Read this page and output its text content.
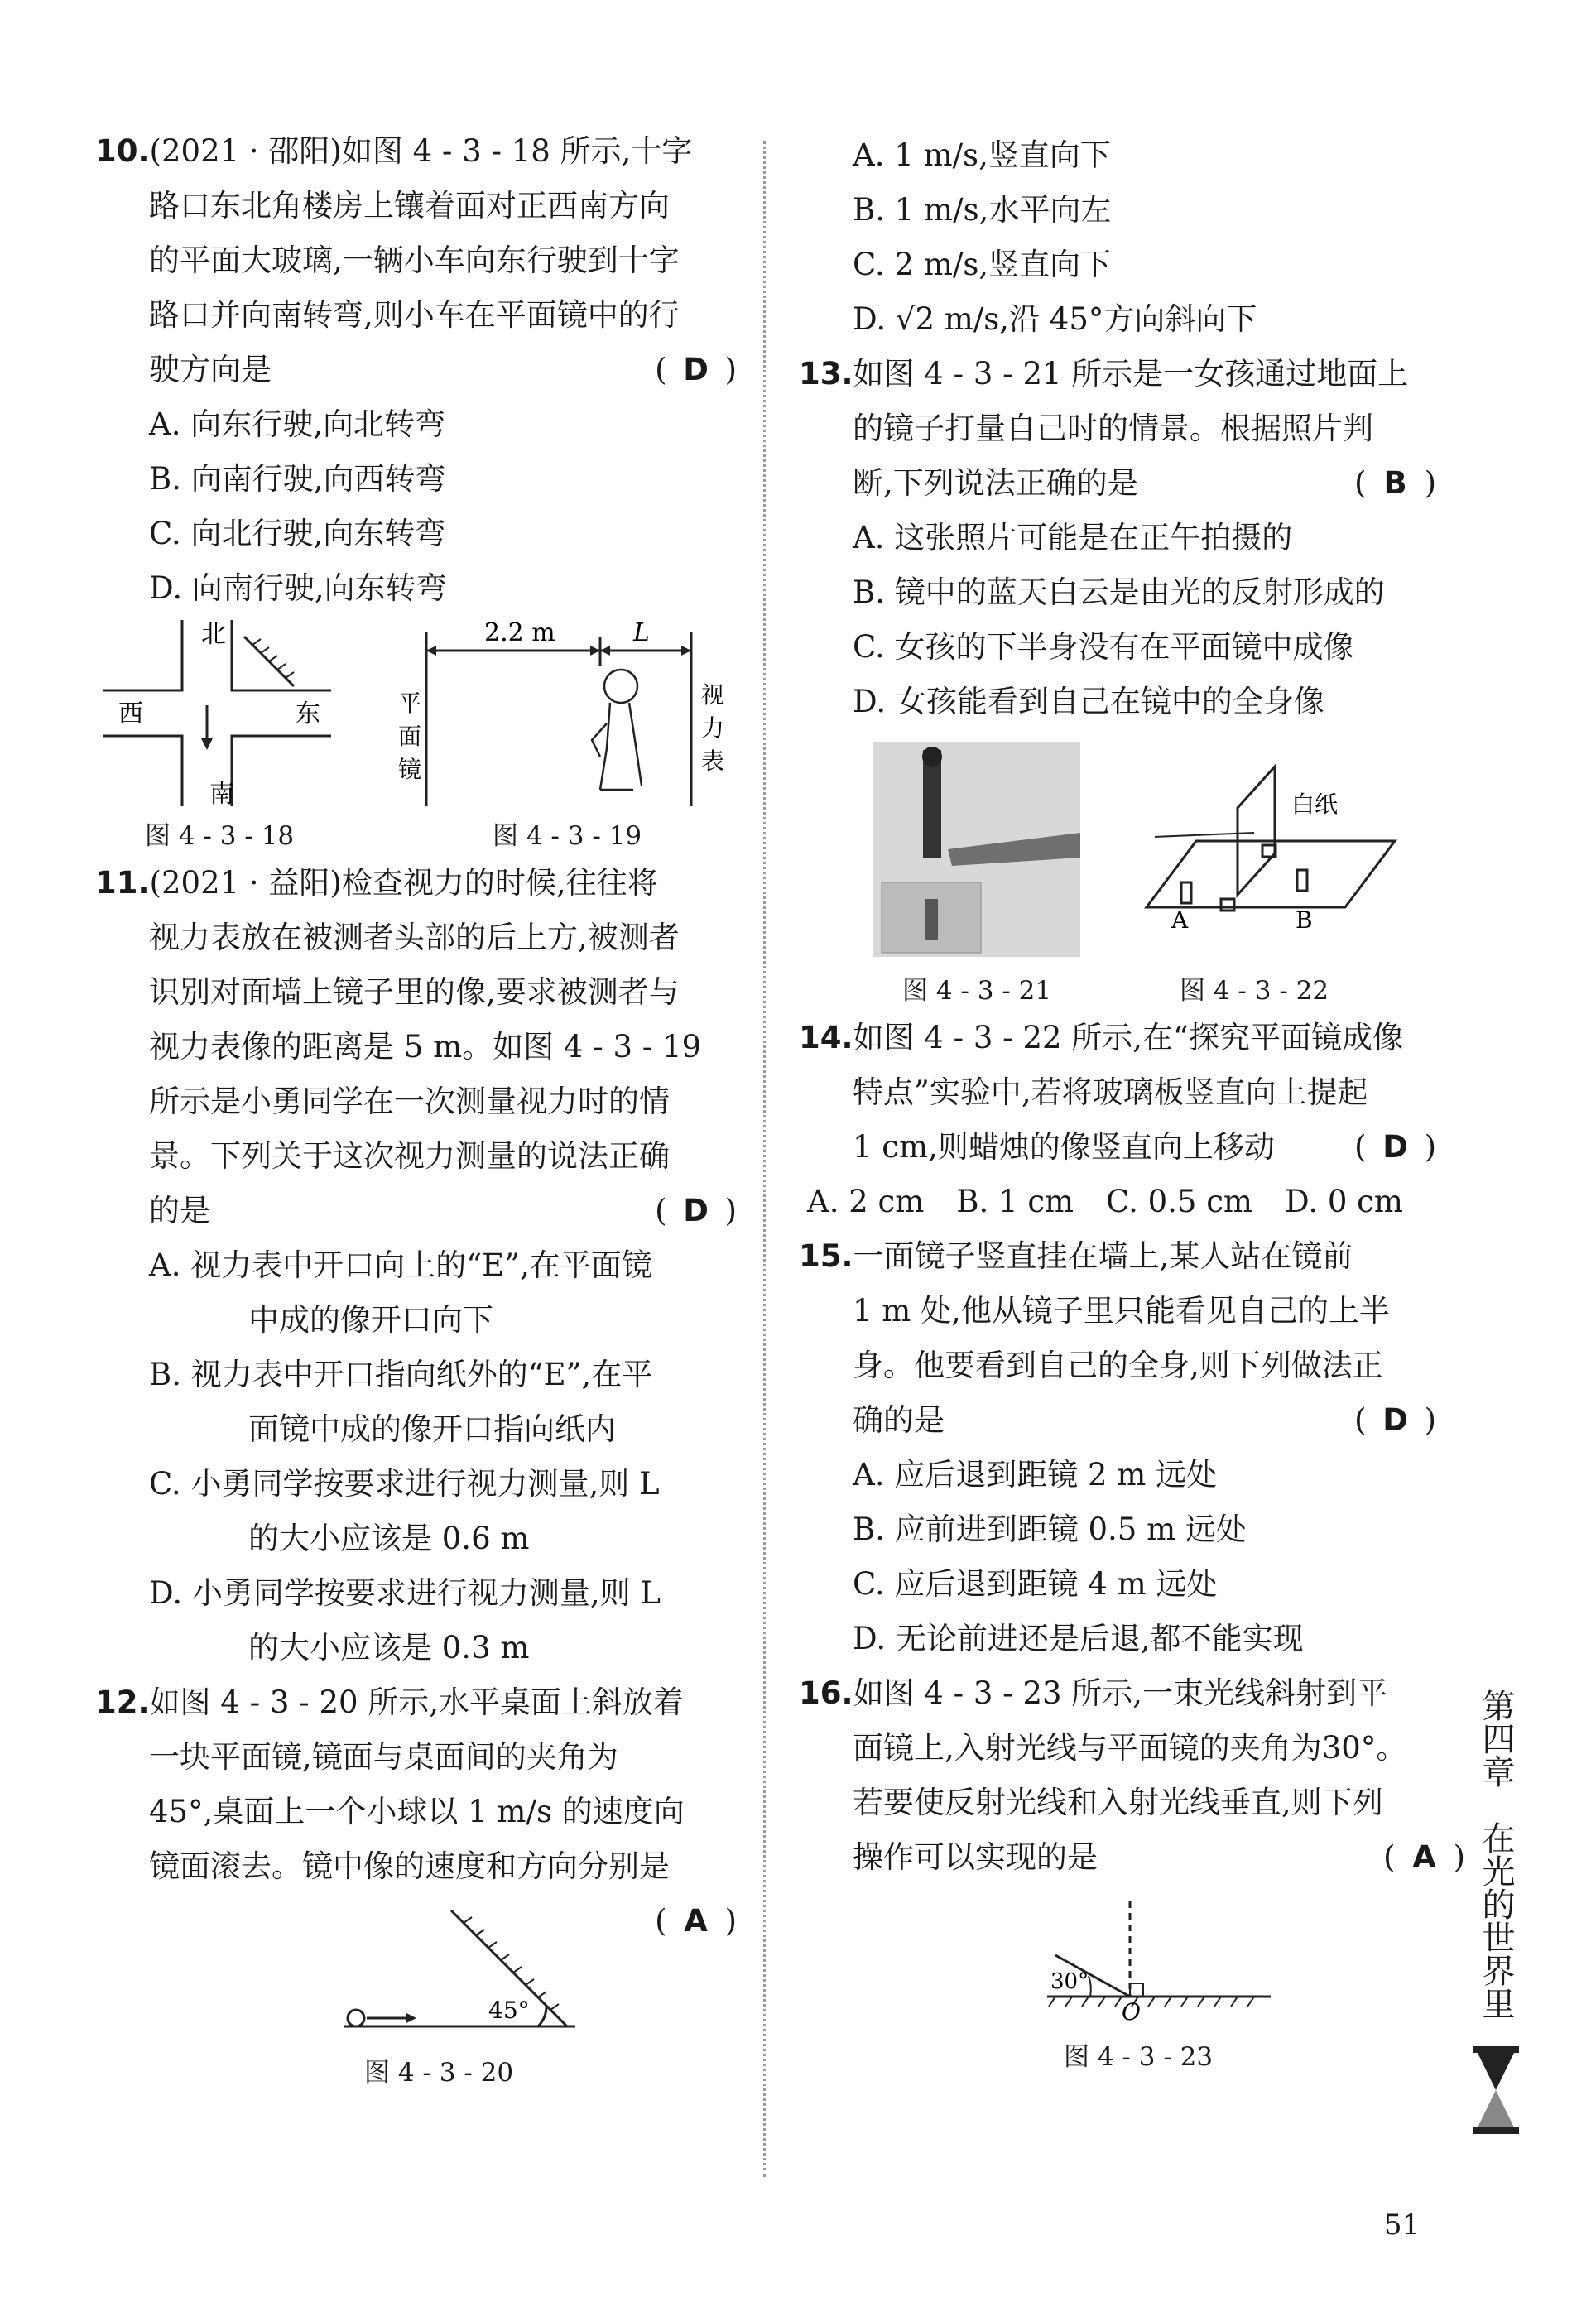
10.(2021 · 邵阳)如图 4 - 3 - 18 所示,十字
路口东北角楼房上镶着面对正西南方向
的平面大玻璃,一辆小车向东行驶到十字
路口并向南转弯,则小车在平面镜中的行
驶方向是	( D )
A. 向东行驶,向北转弯
B. 向南行驶,向西转弯
C. 向北行驶,向东转弯
D. 向南行驶,向东转弯
北
西	东
南
图 4 - 3 - 18
2.2 m	L
平
面
镜
视
力
表
图 4 - 3 - 19
11.(2021 · 益阳)检查视力的时候,往往将
视力表放在被测者头部的后上方,被测者
识别对面墙上镜子里的像,要求被测者与
视力表像的距离是 5 m。如图 4 - 3 - 19
所示是小勇同学在一次测量视力时的情
景。下列关于这次视力测量的说法正确
的是	( D )
A. 视力表中开口向上的“E”,在平面镜
中成的像开口向下
B. 视力表中开口指向纸外的“E”,在平
面镜中成的像开口指向纸内
C. 小勇同学按要求进行视力测量,则 L
的大小应该是 0.6 m
D. 小勇同学按要求进行视力测量,则 L
的大小应该是 0.3 m
12.如图 4 - 3 - 20 所示,水平桌面上斜放着
一块平面镜,镜面与桌面间的夹角为
45°,桌面上一个小球以 1 m/s 的速度向
镜面滚去。镜中像的速度和方向分别是

( A )
45°
图 4 - 3 - 20
A. 1 m/s,竖直向下
B. 1 m/s,水平向左
C. 2 m/s,竖直向下
D. √2 m/s,沿 45°方向斜向下
13.如图 4 - 3 - 21 所示是一女孩通过地面上
的镜子打量自己时的情景。根据照片判
断,下列说法正确的是	( B )
A. 这张照片可能是在正午拍摄的
B. 镜中的蓝天白云是由光的反射形成的
C. 女孩的下半身没有在平面镜中成像
D. 女孩能看到自己在镜中的全身像
图 4 - 3 - 21
白纸
A	B
图 4 - 3 - 22
14.如图 4 - 3 - 22 所示,在“探究平面镜成像
特点”实验中,若将玻璃板竖直向上提起
1 cm,则蜡烛的像竖直向上移动	( D )
A. 2 cm B. 1 cm C. 0.5 cm D. 0 cm
15.一面镜子竖直挂在墙上,某人站在镜前
1 m 处,他从镜子里只能看见自己的上半
身。他要看到自己的全身,则下列做法正
确的是	( D )
A. 应后退到距镜 2 m 远处
B. 应前进到距镜 0.5 m 远处
C. 应后退到距镜 4 m 远处
D. 无论前进还是后退,都不能实现
16.如图 4 - 3 - 23 所示,一束光线斜射到平
面镜上,入射光线与平面镜的夹角为30°。
若要使反射光线和入射光线垂直,则下列
操作可以实现的是	( A )
30°
O
图 4 - 3 - 23
第四章
在光的世界里
51
